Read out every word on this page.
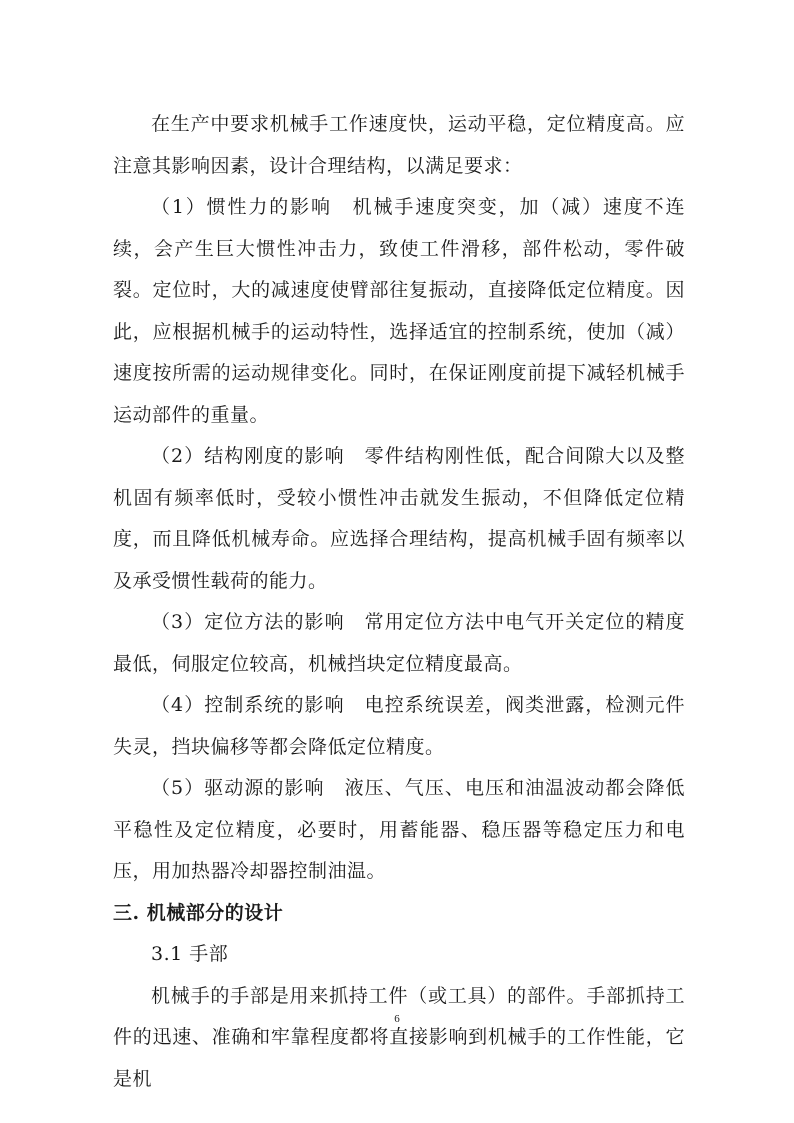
在生产中要求机械手工作速度快，运动平稳，定位精度高。应注意其影响因素，设计合理结构，以满足要求：

（1）惯性力的影响　机械手速度突变，加（减）速度不连续，会产生巨大惯性冲击力，致使工件滑移，部件松动，零件破裂。定位时，大的减速度使臂部往复振动，直接降低定位精度。因此，应根据机械手的运动特性，选择适宜的控制系统，使加（减）速度按所需的运动规律变化。同时，在保证刚度前提下减轻机械手运动部件的重量。

（2）结构刚度的影响　零件结构刚性低，配合间隙大以及整机固有频率低时，受较小惯性冲击就发生振动，不但降低定位精度，而且降低机械寿命。应选择合理结构，提高机械手固有频率以及承受惯性载荷的能力。

（3）定位方法的影响　常用定位方法中电气开关定位的精度最低，伺服定位较高，机械挡块定位精度最高。

（4）控制系统的影响　电控系统误差，阀类泄露，检测元件失灵，挡块偏移等都会降低定位精度。

（5）驱动源的影响　液压、气压、电压和油温波动都会降低平稳性及定位精度，必要时，用蓄能器、稳压器等稳定压力和电压，用加热器冷却器控制油温。

三. 机械部分的设计

3.1 手部

机械手的手部是用来抓持工件（或工具）的部件。手部抓持工件的迅速、准确和牢靠程度都将直接影响到机械手的工作性能，它是机

6
